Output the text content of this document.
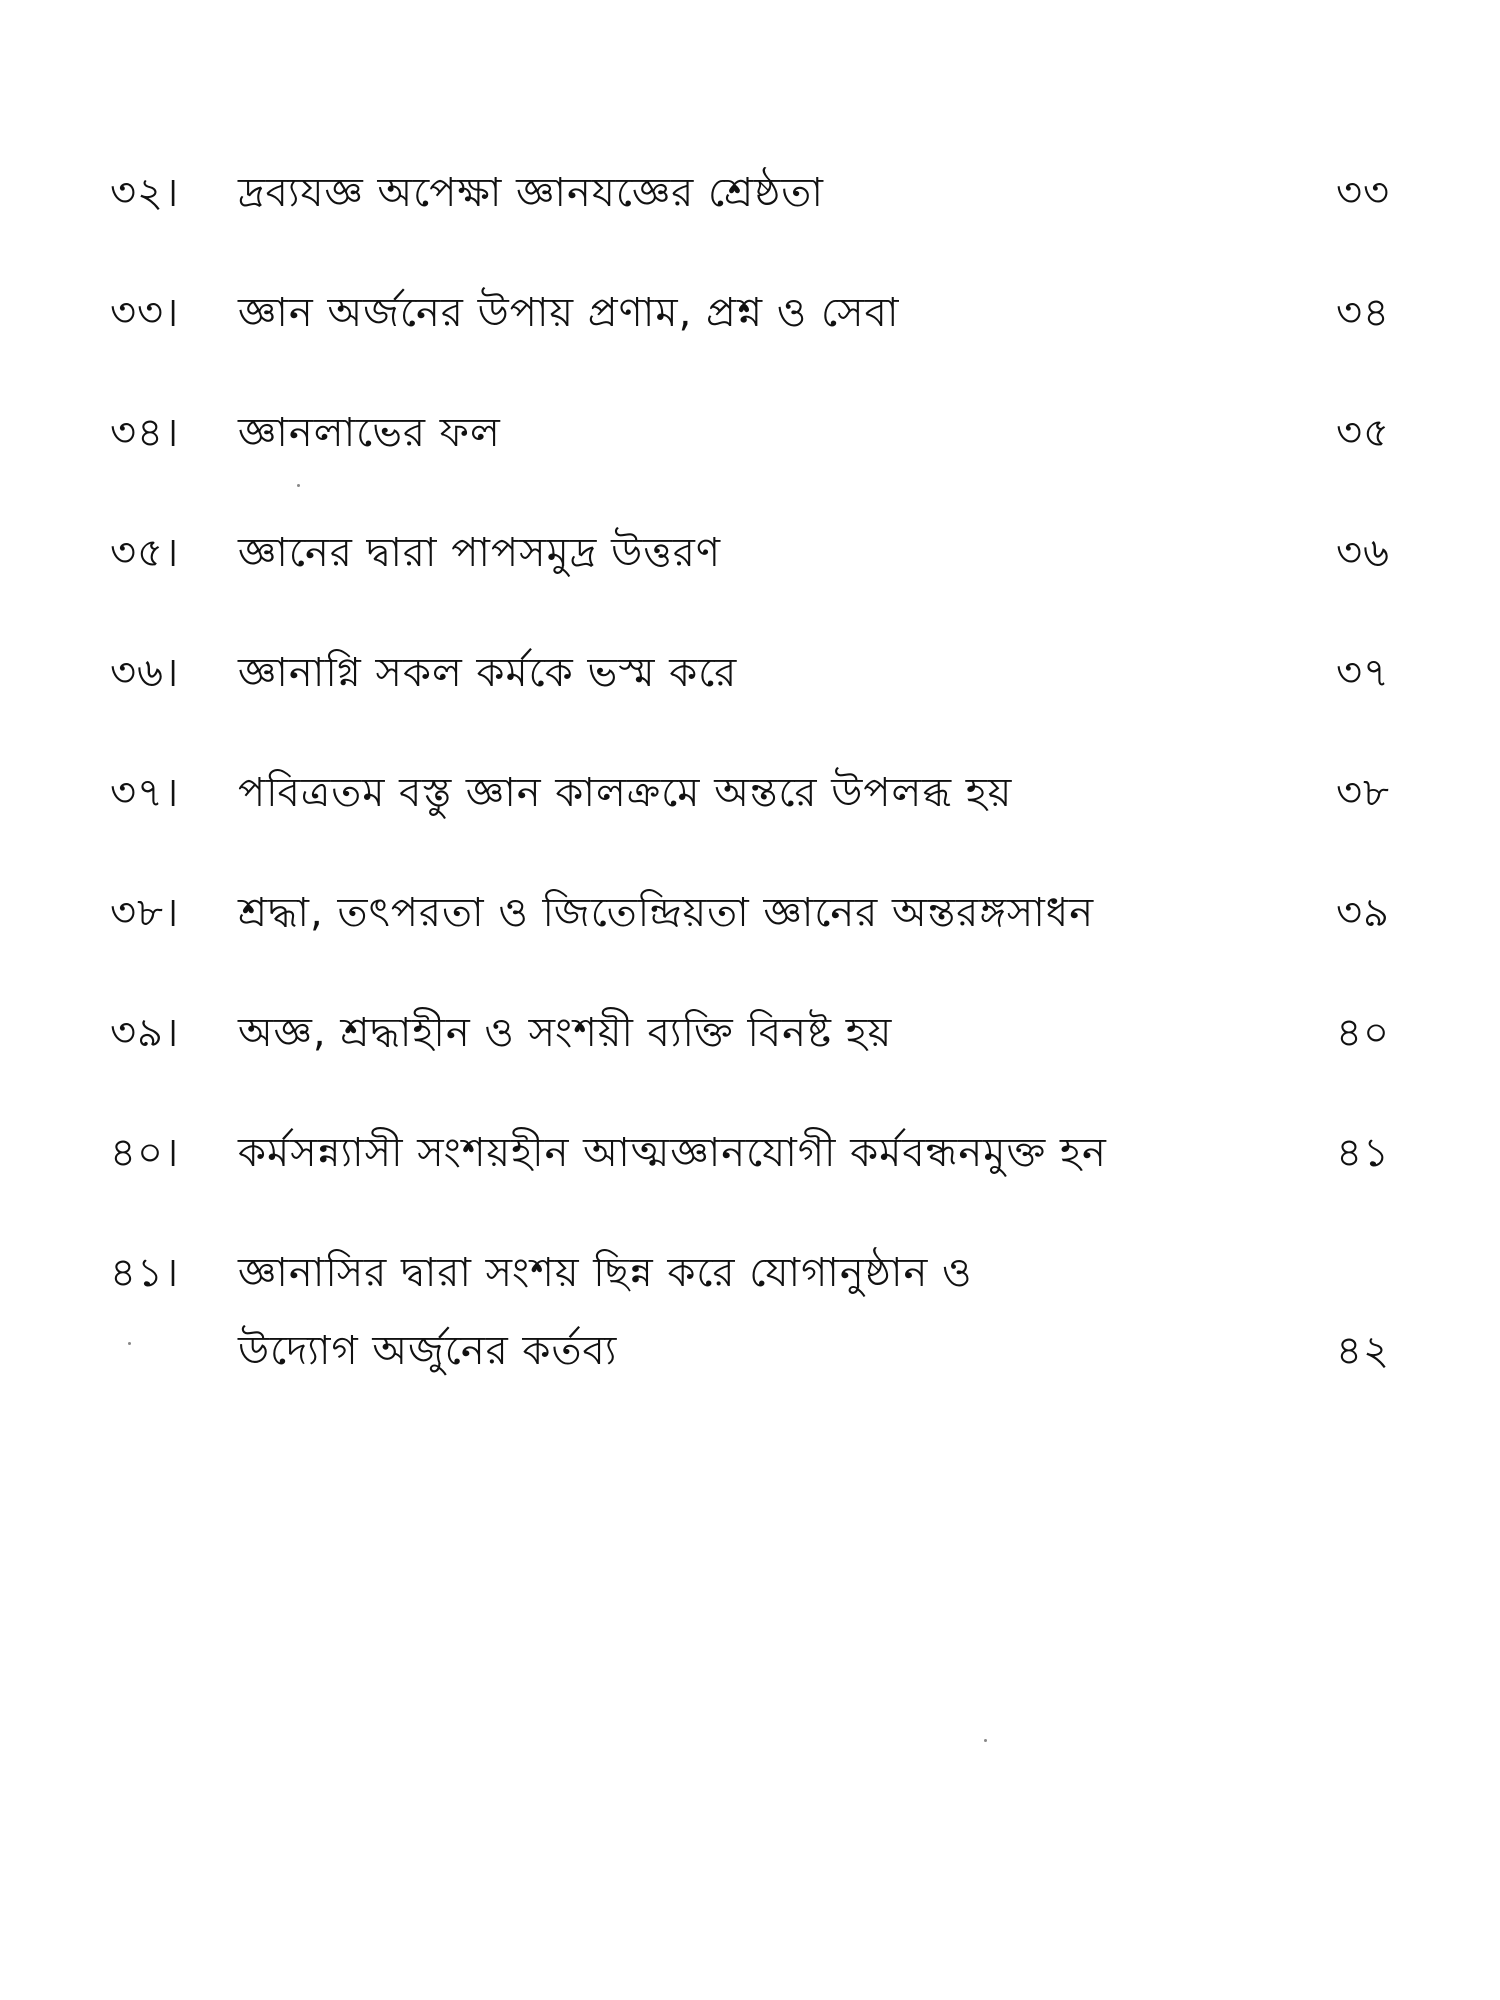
৩২।	দ্রব্যযজ্ঞ অপেক্ষা জ্ঞানযজ্ঞের শ্রেষ্ঠতা	৩৩
৩৩।	জ্ঞান অর্জনের উপায় প্রণাম, প্রশ্ন ও সেবা	৩৪
৩৪।	জ্ঞানলাভের ফল	৩৫
৩৫।	জ্ঞানের দ্বারা পাপসমুদ্র উত্তরণ	৩৬
৩৬।	জ্ঞানাগ্নি সকল কর্মকে ভস্ম করে	৩৭
৩৭।	পবিত্রতম বস্তু জ্ঞান কালক্রমে অন্তরে উপলব্ধ হয়	৩৮
৩৮।	শ্রদ্ধা, তৎপরতা ও জিতেন্দ্রিয়তা জ্ঞানের অন্তরঙ্গসাধন	৩৯
৩৯।	অজ্ঞ, শ্রদ্ধাহীন ও সংশয়ী ব্যক্তি বিনষ্ট হয়	৪০
৪০।	কর্মসন্ন্যাসী সংশয়হীন আত্মজ্ঞানযোগী কর্মবন্ধনমুক্ত হন	৪১
৪১।	জ্ঞানাসির দ্বারা সংশয় ছিন্ন করে যোগানুষ্ঠান ও
উদ্যোগ অর্জুনের কর্তব্য	৪২
